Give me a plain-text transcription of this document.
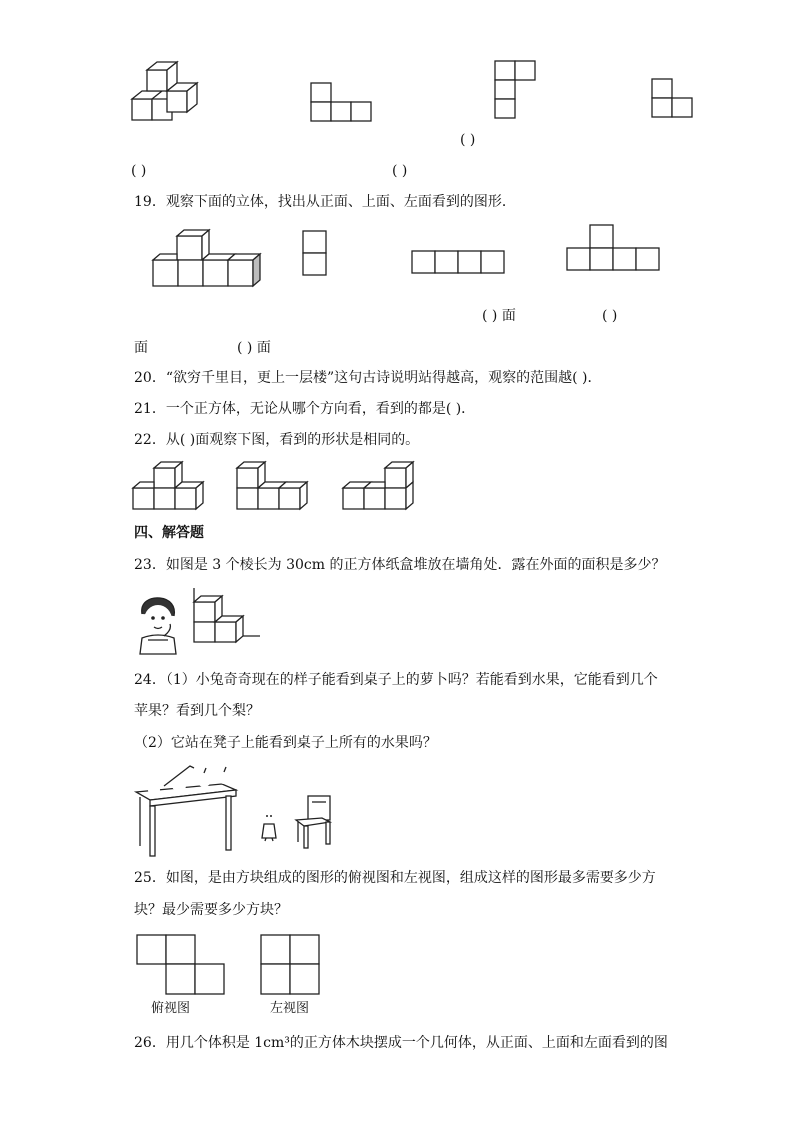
( )
( )	( )
19．观察下面的立体，找出从正面、上面、左面看到的图形．
( ) 面	( )
面	( ) 面
20．“欲穷千里目，更上一层楼”这句古诗说明站得越高，观察的范围越( )．
21．一个正方体，无论从哪个方向看，看到的都是( )．
22．从( )面观察下图，看到的形状是相同的。
四、解答题
23．如图是 3 个棱长为 30cm 的正方体纸盒堆放在墙角处．露在外面的面积是多少？
24．（1）小兔奇奇现在的样子能看到桌子上的萝卜吗？若能看到水果，它能看到几个
苹果？看到几个梨？
（2）它站在凳子上能看到桌子上所有的水果吗？
25．如图，是由方块组成的图形的俯视图和左视图，组成这样的图形最多需要多少方
块？最少需要多少方块？
俯视图	左视图
26．用几个体积是 1cm³的正方体木块摆成一个几何体，从正面、上面和左面看到的图
